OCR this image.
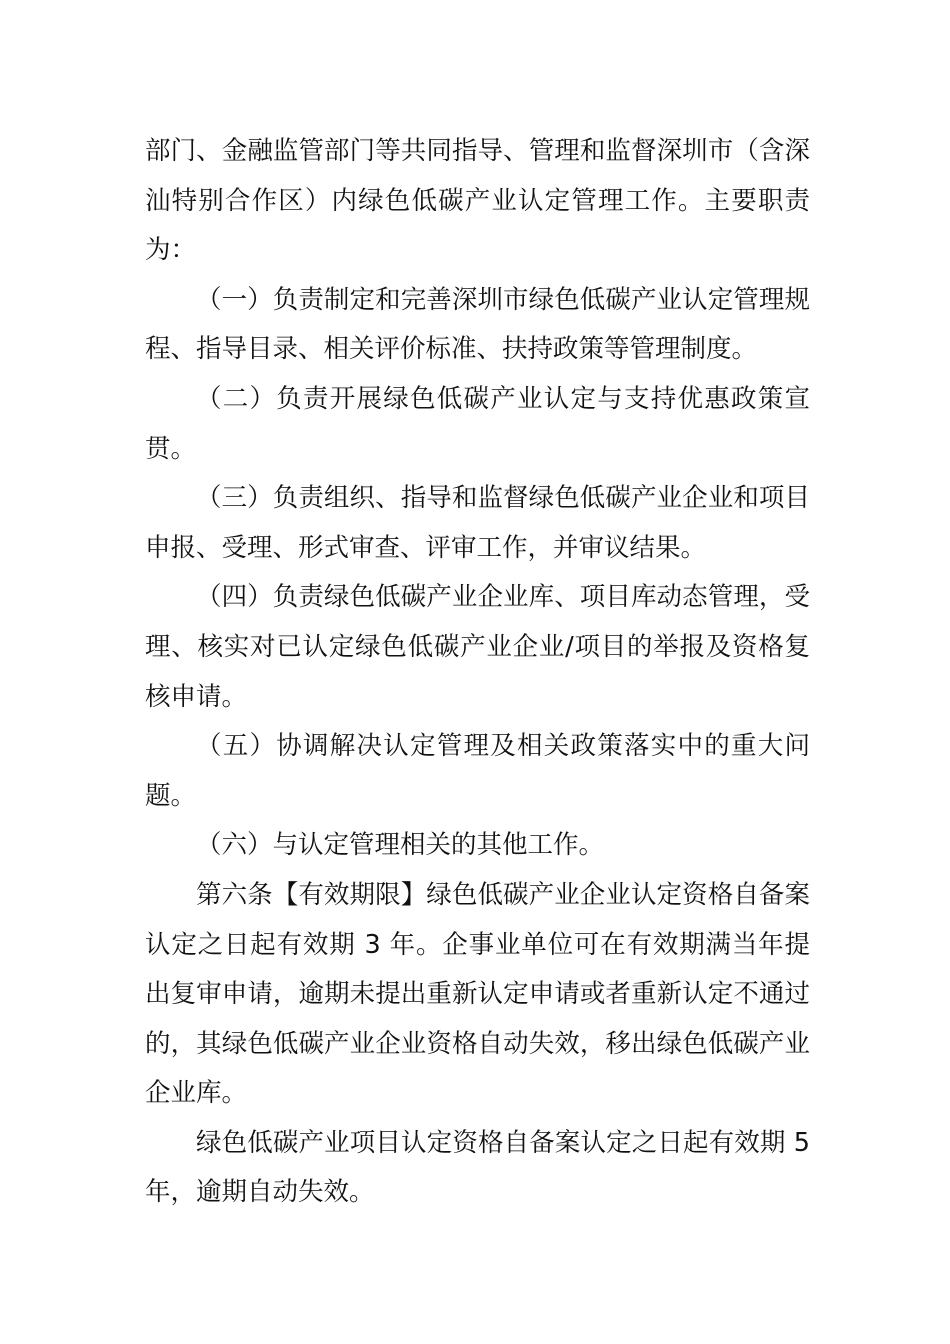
部门、金融监管部门等共同指导、管理和监督深圳市（含深汕特别合作区）内绿色低碳产业认定管理工作。主要职责为：

（一）负责制定和完善深圳市绿色低碳产业认定管理规程、指导目录、相关评价标准、扶持政策等管理制度。

（二）负责开展绿色低碳产业认定与支持优惠政策宣贯。

（三）负责组织、指导和监督绿色低碳产业企业和项目申报、受理、形式审查、评审工作，并审议结果。

（四）负责绿色低碳产业企业库、项目库动态管理，受理、核实对已认定绿色低碳产业企业/项目的举报及资格复核申请。

（五）协调解决认定管理及相关政策落实中的重大问题。

（六）与认定管理相关的其他工作。

第六条【有效期限】绿色低碳产业企业认定资格自备案认定之日起有效期 3 年。企事业单位可在有效期满当年提出复审申请，逾期未提出重新认定申请或者重新认定不通过的，其绿色低碳产业企业资格自动失效，移出绿色低碳产业企业库。

绿色低碳产业项目认定资格自备案认定之日起有效期 5 年，逾期自动失效。
